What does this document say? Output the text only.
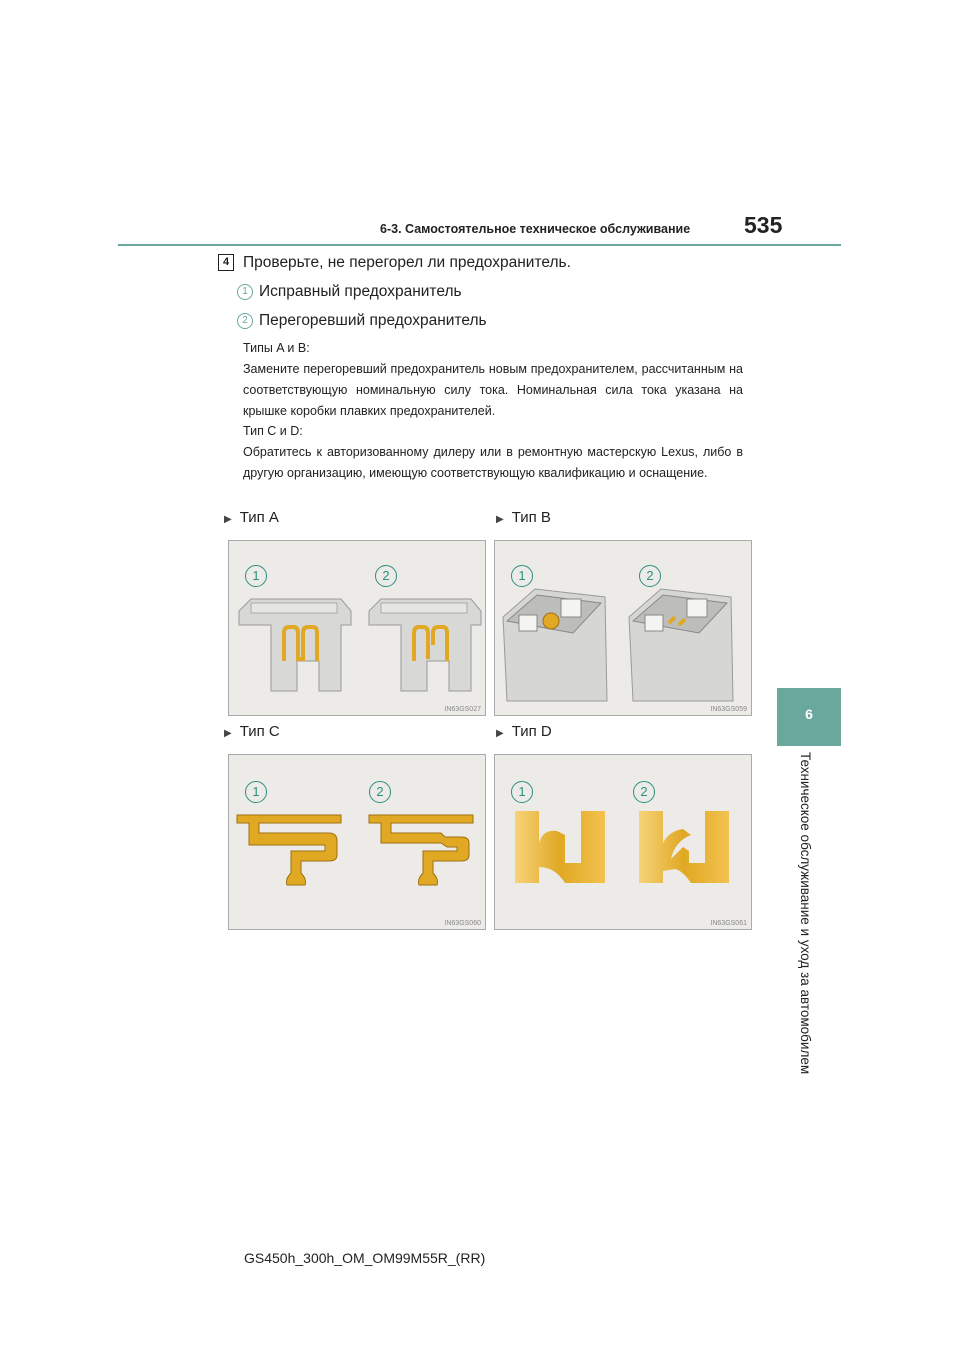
6-3. Самостоятельное техническое обслуживание 535
6
Техническое обслуживание и уход за автомобилем
4 Проверьте, не перегорел ли предохранитель.
1 Исправный предохранитель
2 Перегоревший предохранитель
Типы A и B:
Замените перегоревший предохранитель новым предохранителем, рассчитанным на соответствующую номинальную силу тока. Номинальная сила тока указана на крышке коробки плавких предохранителей.
Тип C и D:
Обратитесь к авторизованному дилеру или в ремонтную мастерскую Lexus, либо в другую организацию, имеющую соответствующую квалификацию и оснащение.
▶ Тип A	▶ Тип B
▶ Тип C	▶ Тип D
1	2
IN63GS027
1	2
IN63GS059
1	2
IN63GS060
1	2
IN63GS061
GS450h_300h_OM_OM99M55R_(RR)
